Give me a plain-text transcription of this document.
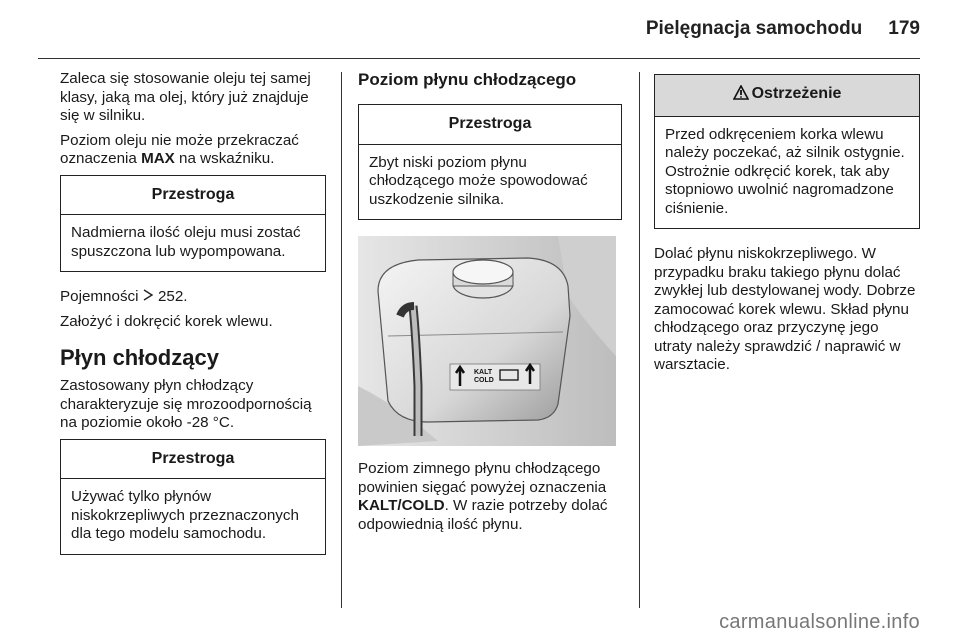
Pielęgnacja samochodu 179

Zaleca się stosowanie oleju tej samej klasy, jaką ma olej, który już znajduje się w silniku.

Poziom oleju nie może przekraczać oznaczenia MAX na wskaźniku.

Przestroga
Nadmierna ilość oleju musi zostać spuszczona lub wypompowana.

Pojemności  252.

Założyć i dokręcić korek wlewu.

Płyn chłodzący

Zastosowany płyn chłodzący charakteryzuje się mrozoodpornością na poziomie około -28 °C.

Przestroga
Używać tylko płynów niskokrzepliwych przeznaczonych dla tego modelu samochodu.
Poziom płynu chłodzącego
Przestroga
Zbyt niski poziom płynu chłodzącego może spowodować uszkodzenie silnika.
KALT
COLD

Poziom zimnego płynu chłodzącego powinien sięgać powyżej oznaczenia KALT/COLD. W razie potrzeby dolać odpowiednią ilość płynu.

Ostrzeżenie
Przed odkręceniem korka wlewu należy poczekać, aż silnik ostygnie. Ostrożnie odkręcić korek, tak aby stopniowo uwolnić nagromadzone ciśnienie.

Dolać płynu niskokrzepliwego. W przypadku braku takiego płynu dolać zwykłej lub destylowanej wody. Dobrze zamocować korek wlewu. Skład płynu chłodzącego oraz przyczynę jego utraty należy sprawdzić / naprawić w warsztacie.

carmanualsonline.info
